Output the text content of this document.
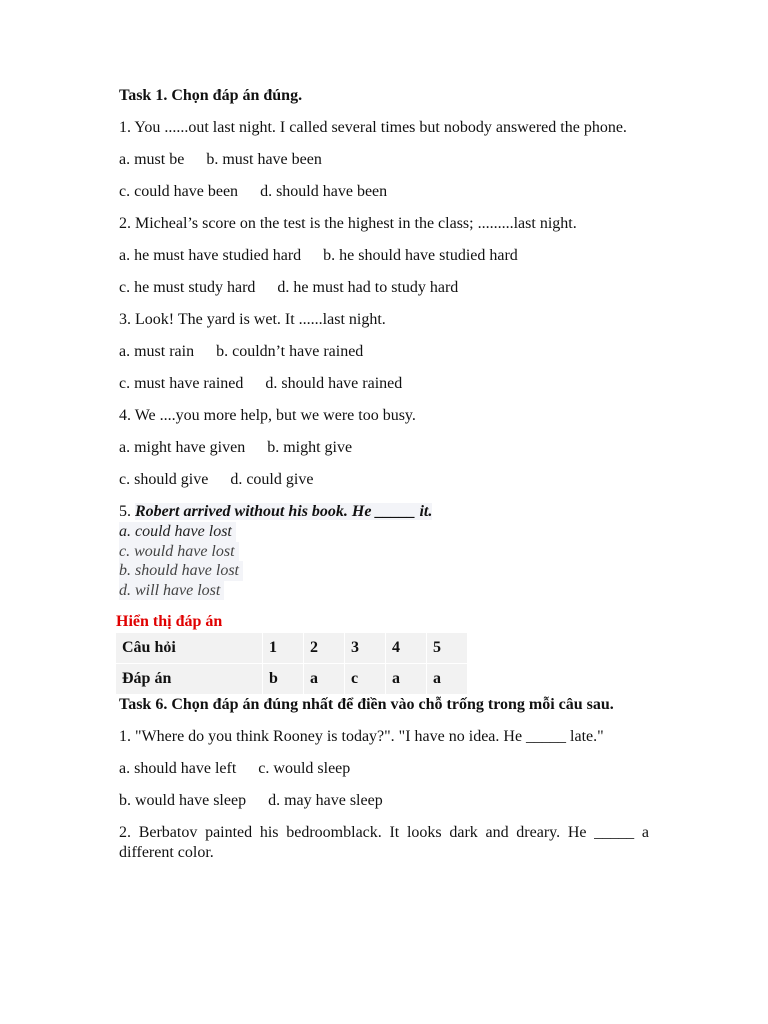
Task 1. Chọn đáp án đúng.
1. You ......out last night. I called several times but nobody answered the phone.
a. must be b. must have been
c. could have been d. should have been
2. Micheal’s score on the test is the highest in the class; .........last night.
a. he must have studied hard b. he should have studied hard
c. he must study hard d. he must had to study hard
3. Look! The yard is wet. It ......last night.
a. must rain b. couldn’t have rained
c. must have rained d. should have rained
4. We ....you more help, but we were too busy.
a. might have given b. might give
c. should give d. could give
5. Robert arrived without his book. He _____ it.
a. could have lost
c. would have lost
b. should have lost
d. will have lost
Hiển thị đáp án
Câu hỏi	1	2	3	4	5
Đáp án	b	a	c	a	a
Task 6. Chọn đáp án đúng nhất để điền vào chỗ trống trong mỗi câu sau.
1. "Where do you think Rooney is today?". "I have no idea. He _____ late."
a. should have left c. would sleep
b. would have sleep d. may have sleep
2. Berbatov painted his bedroomblack. It looks dark and dreary. He _____ a different color.
